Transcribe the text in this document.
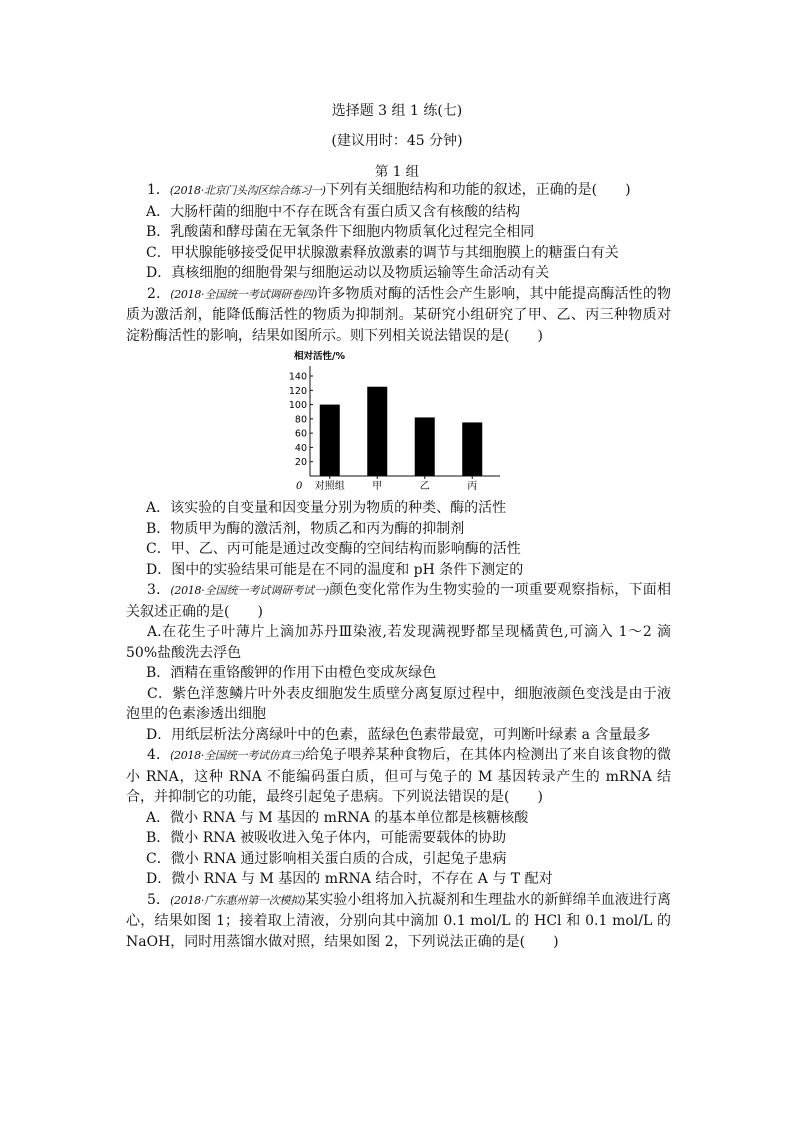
选择题 3 组 1 练(七)
(建议用时：45 分钟)
第 1 组

1．(2018·北京门头沟区综合练习一)下列有关细胞结构和功能的叙述，正确的是(　　)

A．大肠杆菌的细胞中不存在既含有蛋白质又含有核酸的结构

B．乳酸菌和酵母菌在无氧条件下细胞内物质氧化过程完全相同

C．甲状腺能够接受促甲状腺激素释放激素的调节与其细胞膜上的糖蛋白有关

D．真核细胞的细胞骨架与细胞运动以及物质运输等生命活动有关

2．(2018·全国统一考试调研卷四)许多物质对酶的活性会产生影响，其中能提高酶活性的物质为激活剂，能降低酶活性的物质为抑制剂。某研究小组研究了甲、乙、丙三种物质对淀粉酶活性的影响，结果如图所示。则下列相关说法错误的是(　　)

相对活性/%
0
20
40
60
80
100
120
140
对照组	甲	乙	丙

A．该实验的自变量和因变量分别为物质的种类、酶的活性

B．物质甲为酶的激活剂，物质乙和丙为酶的抑制剂

C．甲、乙、丙可能是通过改变酶的空间结构而影响酶的活性

D．图中的实验结果可能是在不同的温度和 pH 条件下测定的

3．(2018·全国统一考试调研考试一)颜色变化常作为生物实验的一项重要观察指标，下面相关叙述正确的是(　　)

A.在花生子叶薄片上滴加苏丹Ⅲ染液,若发现满视野都呈现橘黄色,可滴入 1～2 滴 50%盐酸洗去浮色

B．酒精在重铬酸钾的作用下由橙色变成灰绿色

C．紫色洋葱鳞片叶外表皮细胞发生质壁分离复原过程中，细胞液颜色变浅是由于液泡里的色素渗透出细胞

D．用纸层析法分离绿叶中的色素，蓝绿色色素带最宽，可判断叶绿素 a 含量最多

4．(2018·全国统一考试仿真三)给兔子喂养某种食物后，在其体内检测出了来自该食物的微小 RNA，这种 RNA 不能编码蛋白质，但可与兔子的 M 基因转录产生的 mRNA 结合，并抑制它的功能，最终引起兔子患病。下列说法错误的是(　　)

A．微小 RNA 与 M 基因的 mRNA 的基本单位都是核糖核酸

B．微小 RNA 被吸收进入兔子体内，可能需要载体的协助

C．微小 RNA 通过影响相关蛋白质的合成，引起兔子患病

D．微小 RNA 与 M 基因的 mRNA 结合时，不存在 A 与 T 配对

5．(2018·广东惠州第一次模拟)某实验小组将加入抗凝剂和生理盐水的新鲜绵羊血液进行离心，结果如图 1；接着取上清液，分别向其中滴加 0.1 mol/L 的 HCl 和 0.1 mol/L 的 NaOH，同时用蒸馏水做对照，结果如图 2，下列说法正确的是(　　)
